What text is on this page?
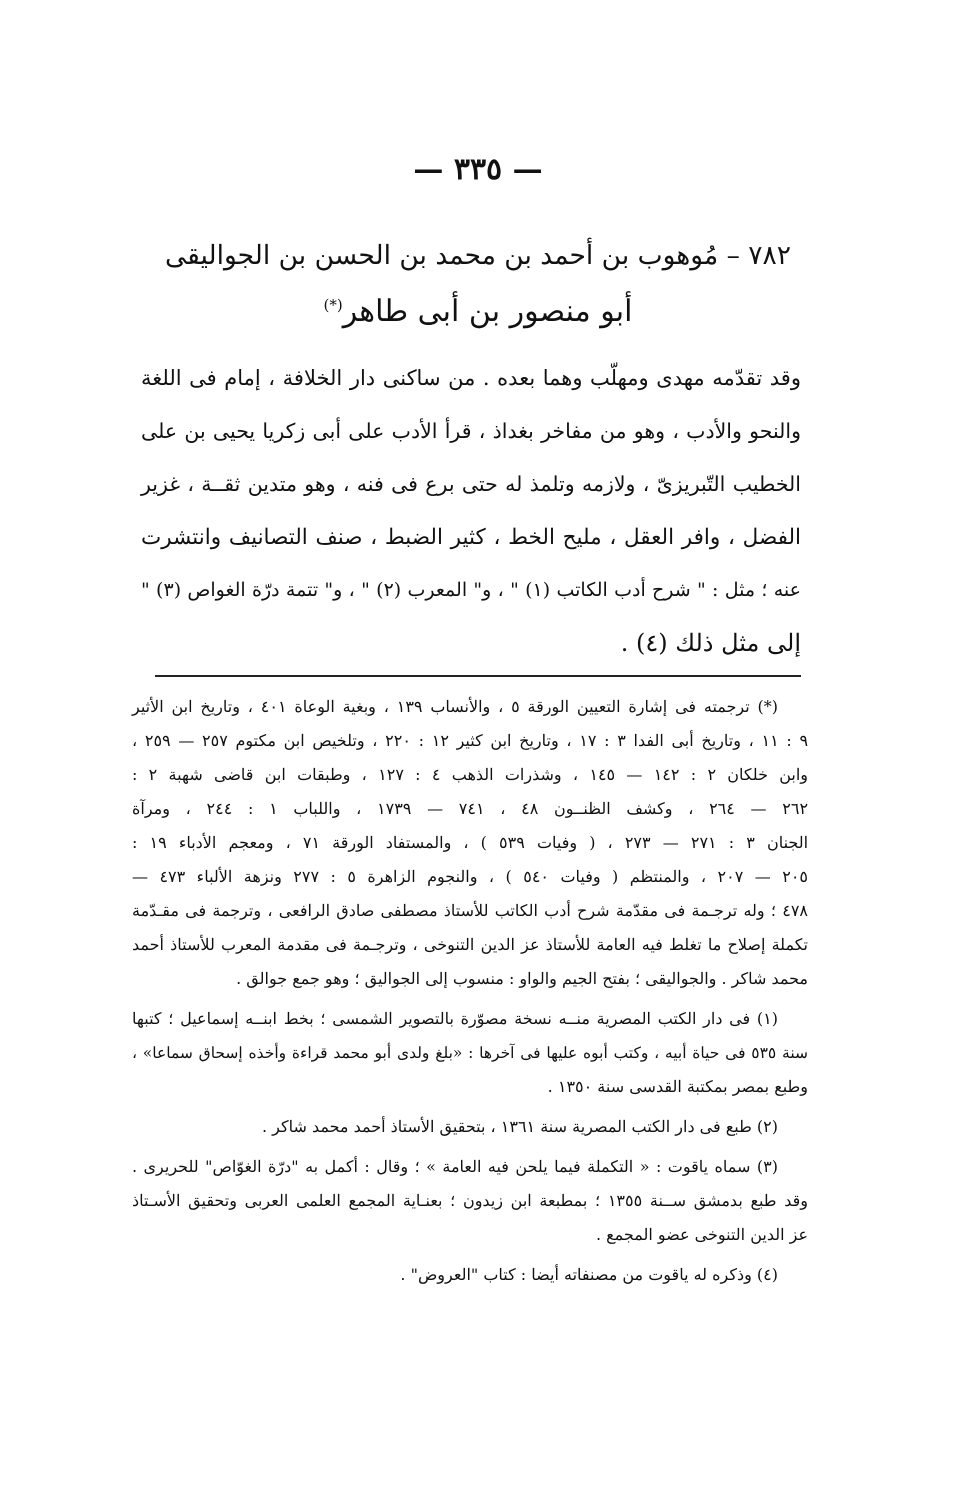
— ٣٣٥ —
٧٨٢ – مُوهوب بن أحمد بن محمد بن الحسن بن الجواليقى
أبو منصور بن أبى طاهر(*)
وقد تقدّمه مهدى ومهلّب وهما بعده . من ساكنى دار الخلافة ، إمام فى اللغة
والنحو والأدب ، وهو من مفاخر بغداذ ، قرأ الأدب على أبى زكريا يحيى بن على
الخطيب التّبريزىّ ، ولازمه وتلمذ له حتى برع فى فنه ، وهو متدين ثقــة ، غزير
الفضل ، وافر العقل ، مليح الخط ، كثير الضبط ، صنف التصانيف وانتشرت
عنه ؛ مثل : " شرح أدب الكاتب (١) " ، و" المعرب (٢) " ، و" تتمة درّة الغواص (٣) "
إلى مثل ذلك (٤) .
(*) ترجمته فى إشارة التعيين الورقة ٥ ، والأنساب ١٣٩ ، وبغية الوعاة ٤٠١ ، وتاريخ ابن الأثير
٩ : ١١ ، وتاريخ أبى الفدا ٣ : ١٧ ، وتاريخ ابن كثير ١٢ : ٢٢٠ ، وتلخيص ابن مكتوم ٢٥٧ — ٢٥٩ ،
وابن خلكان ٢ : ١٤٢ — ١٤٥ ، وشذرات الذهب ٤ : ١٢٧ ، وطبقات ابن قاضى شهبة ٢ :
٢٦٢ — ٢٦٤ ، وكشف الظنــون ٤٨ ، ٧٤١ — ١٧٣٩ ، واللباب ١ : ٢٤٤ ، ومرآة
الجنان ٣ : ٢٧١ — ٢٧٣ ، ( وفيات ٥٣٩ ) ، والمستفاد الورقة ٧١ ، ومعجم الأدباء ١٩ :
٢٠٥ — ٢٠٧ ، والمنتظم ( وفيات ٥٤٠ ) ، والنجوم الزاهرة ٥ : ٢٧٧ ونزهة الألباء ٤٧٣ —
٤٧٨ ؛ وله ترجـمة فى مقدّمة شرح أدب الكاتب للأستاذ مصطفى صادق الرافعى ، وترجمة فى مقـدّمة
تكملة إصلاح ما تغلط فيه العامة للأستاذ عز الدين التنوخى ، وترجـمة فى مقدمة المعرب للأستاذ أحمد
محمد شاكر . والجواليقى ؛ بفتح الجيم والواو : منسوب إلى الجواليق ؛ وهو جمع جوالق .
(١) فى دار الكتب المصرية منــه نسخة مصوّرة بالتصوير الشمسى ؛ بخط ابنــه إسماعيل ؛ كتبها
سنة ٥٣٥ فى حياة أبيه ، وكتب أبوه عليها فى آخرها : «بلغ ولدى أبو محمد قراءة وأخذه إسحاق سماعا» ،
وطبع بمصر بمكتبة القدسى سنة ١٣٥٠ .
(٢) طبع فى دار الكتب المصرية سنة ١٣٦١ ، بتحقيق الأستاذ أحمد محمد شاكر .
(٣) سماه ياقوت : « التكملة فيما يلحن فيه العامة » ؛ وقال : أكمل به "درّة الغوّاص" للحريرى .
وقد طبع بدمشق ســنة ١٣٥٥ ؛ بمطبعة ابن زيدون ؛ بعنـاية المجمع العلمى العربى وتحقيق الأسـتاذ
عز الدين التنوخى عضو المجمع .
(٤) وذكره له ياقوت من مصنفاته أيضا : كتاب "العروض" .
